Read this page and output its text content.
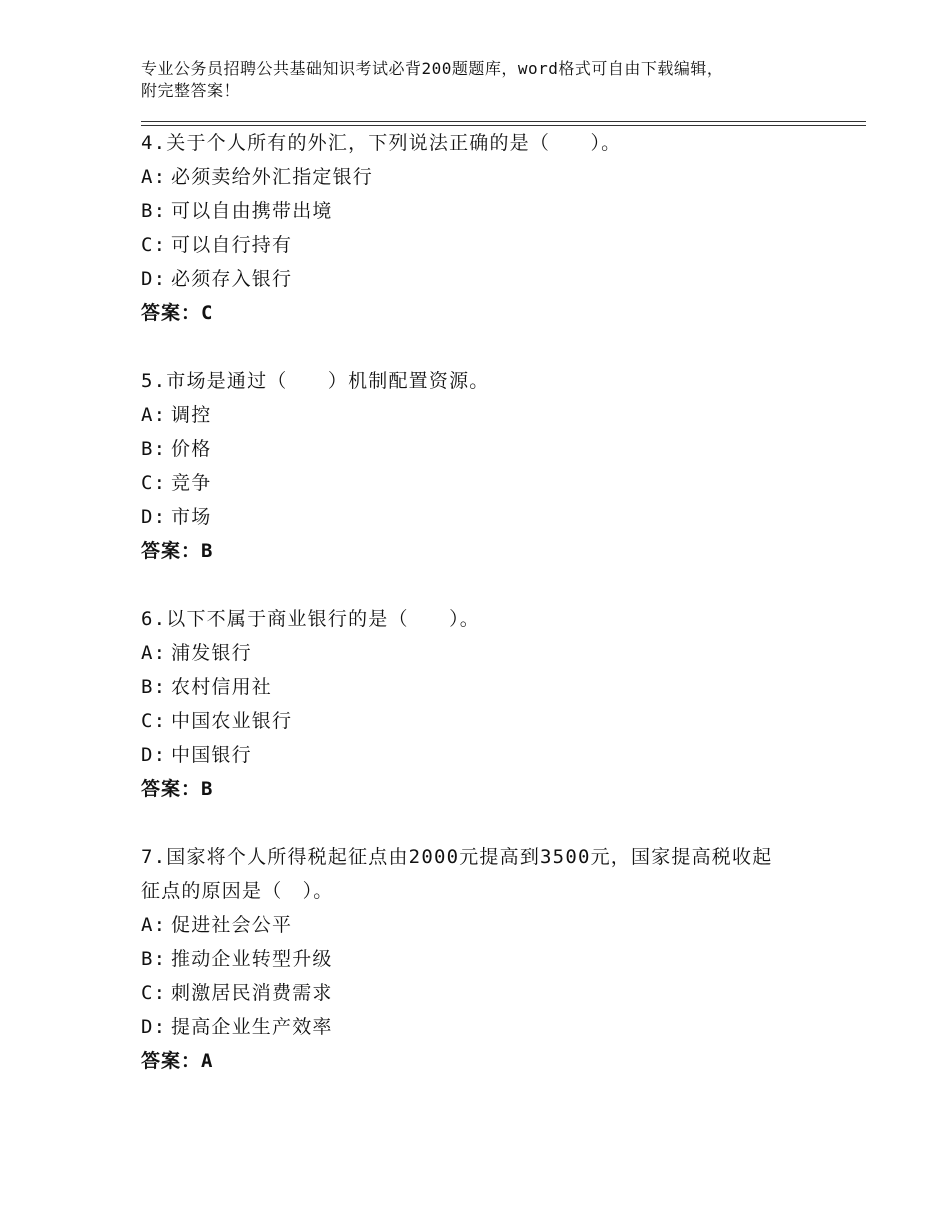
专业公务员招聘公共基础知识考试必背200题题库，word格式可自由下载编辑，
附完整答案！
4.关于个人所有的外汇，下列说法正确的是（　　）。
A: 必须卖给外汇指定银行
B: 可以自由携带出境
C: 可以自行持有
D: 必须存入银行
答案：C
5.市场是通过（　　）机制配置资源。
A: 调控
B: 价格
C: 竞争
D: 市场
答案：B
6.以下不属于商业银行的是（　　）。
A: 浦发银行
B: 农村信用社
C: 中国农业银行
D: 中国银行
答案：B
7.国家将个人所得税起征点由2000元提高到3500元，国家提高税收起
征点的原因是（　）。
A: 促进社会公平
B: 推动企业转型升级
C: 刺激居民消费需求
D: 提高企业生产效率
答案：A
